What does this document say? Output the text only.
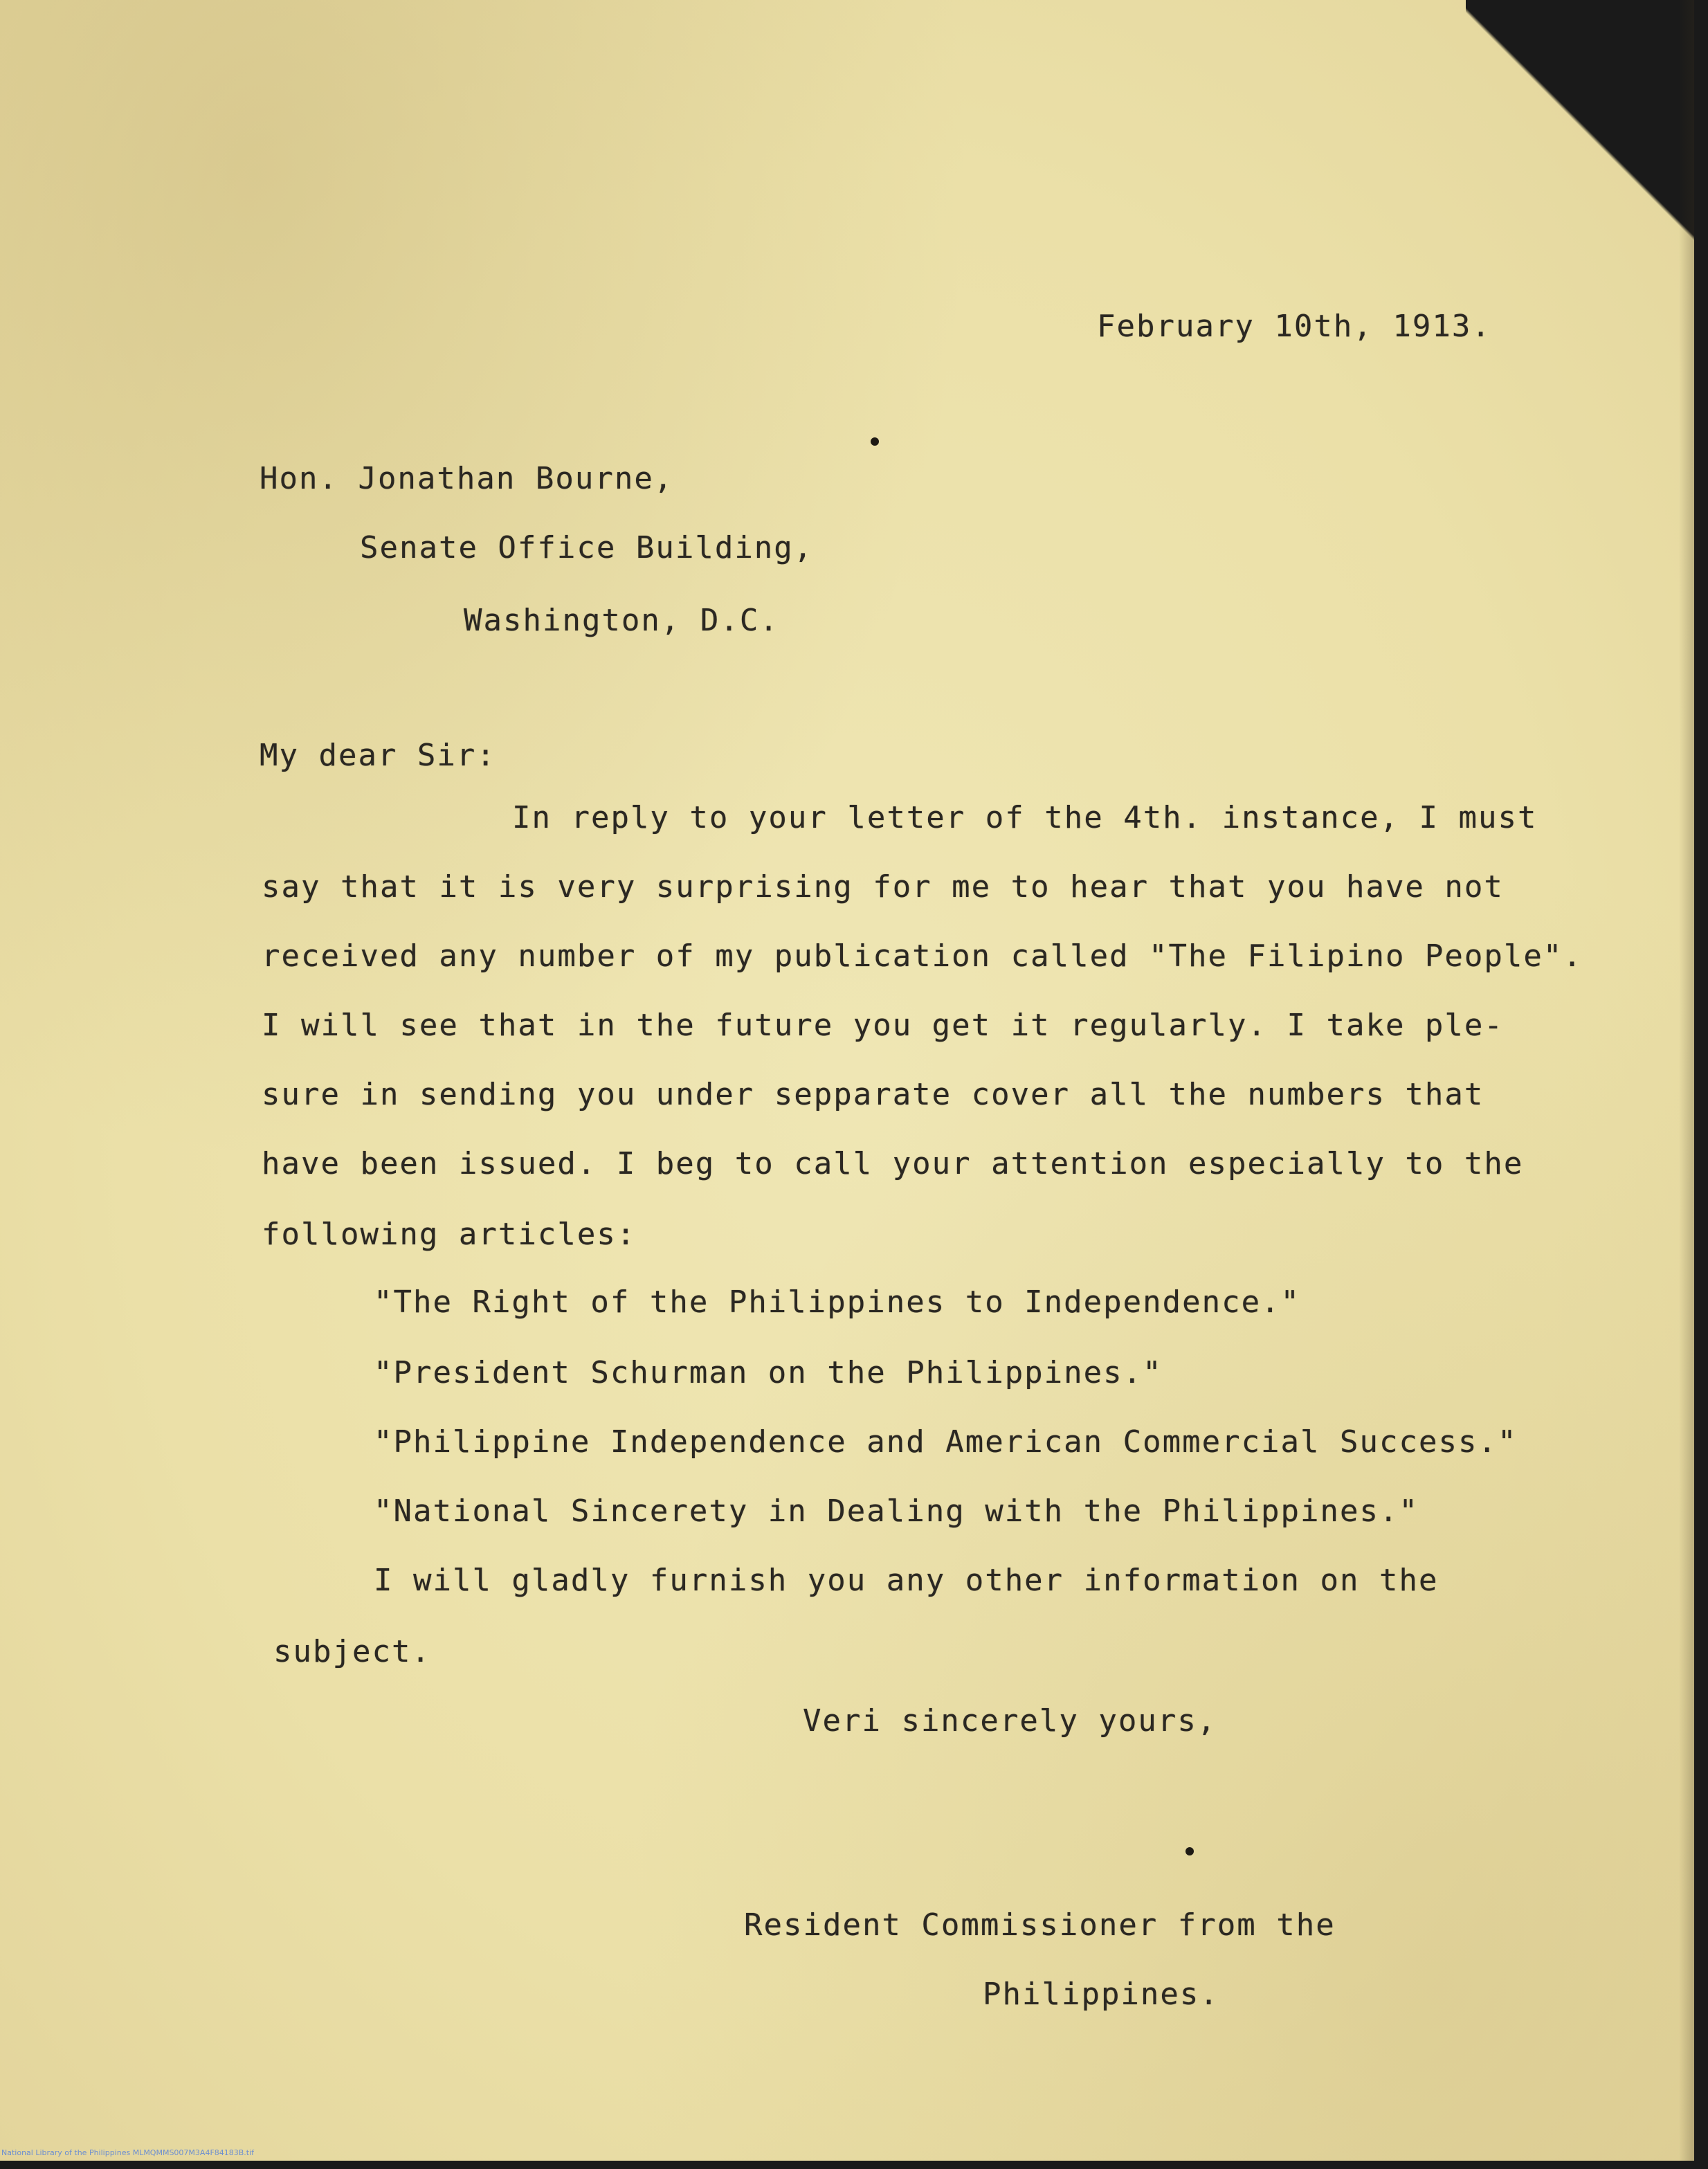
February 10th, 1913.
Hon. Jonathan Bourne,
Senate Office Building,
Washington, D.C.
My dear Sir:
In reply to your letter of the 4th. instance, I must
say that it is very surprising for me to hear that you have not
received any number of my publication called "The Filipino People".
I will see that in the future you get it regularly. I take ple-
sure in sending you under sepparate cover all the numbers that
have been issued. I beg to call your attention especially to the
following articles:
"The Right of the Philippines to Independence."
"President Schurman on the Philippines."
"Philippine Independence and American Commercial Success."
"National Sincerety in Dealing with the Philippines."
I will gladly furnish you any other information on the
subject.
Veri sincerely yours,
Resident Commissioner from the
Philippines.
National Library of the Philippines MLMQMMS007M3A4F84183B.tif
